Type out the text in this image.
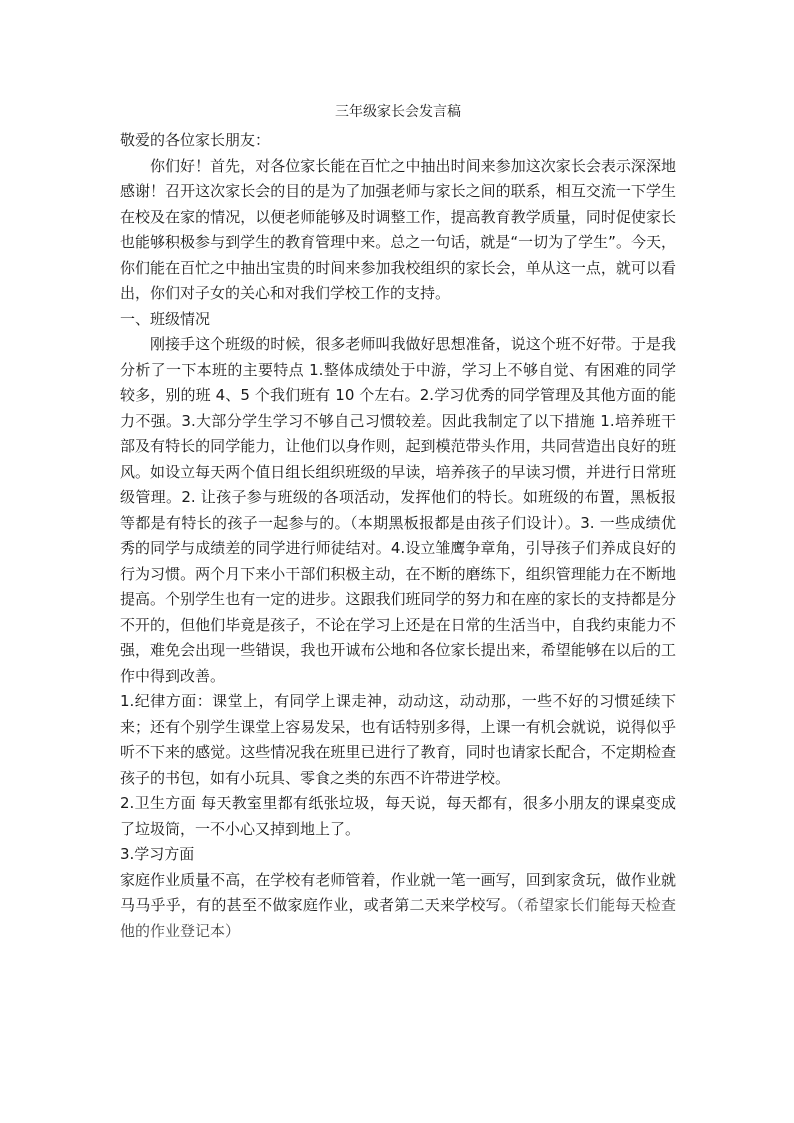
三年级家长会发言稿

敬爱的各位家长朋友：

你们好！首先，对各位家长能在百忙之中抽出时间来参加这次家长会表示深深地感谢！召开这次家长会的目的是为了加强老师与家长之间的联系，相互交流一下学生在校及在家的情况，以便老师能够及时调整工作，提高教育教学质量，同时促使家长也能够积极参与到学生的教育管理中来。总之一句话，就是“一切为了学生”。今天，你们能在百忙之中抽出宝贵的时间来参加我校组织的家长会，单从这一点，就可以看出，你们对子女的关心和对我们学校工作的支持。

一、班级情况

刚接手这个班级的时候，很多老师叫我做好思想准备，说这个班不好带。于是我分析了一下本班的主要特点 1.整体成绩处于中游，学习上不够自觉、有困难的同学较多，别的班 4、5 个我们班有 10 个左右。2.学习优秀的同学管理及其他方面的能力不强。3.大部分学生学习不够自己习惯较差。因此我制定了以下措施 1.培养班干部及有特长的同学能力，让他们以身作则，起到模范带头作用，共同营造出良好的班风。如设立每天两个值日组长组织班级的早读，培养孩子的早读习惯，并进行日常班级管理。2. 让孩子参与班级的各项活动，发挥他们的特长。如班级的布置，黑板报等都是有特长的孩子一起参与的。（本期黑板报都是由孩子们设计）。3. 一些成绩优秀的同学与成绩差的同学进行师徒结对。4.设立雏鹰争章角，引导孩子们养成良好的行为习惯。两个月下来小干部们积极主动，在不断的磨练下，组织管理能力在不断地提高。个别学生也有一定的进步。这跟我们班同学的努力和在座的家长的支持都是分不开的，但他们毕竟是孩子，不论在学习上还是在日常的生活当中，自我约束能力不强，难免会出现一些错误，我也开诚布公地和各位家长提出来，希望能够在以后的工作中得到改善。

1.纪律方面：课堂上，有同学上课走神，动动这，动动那，一些不好的习惯延续下来；还有个别学生课堂上容易发呆，也有话特别多得，上课一有机会就说，说得似乎听不下来的感觉。这些情况我在班里已进行了教育，同时也请家长配合，不定期检查孩子的书包，如有小玩具、零食之类的东西不许带进学校。

2.卫生方面 每天教室里都有纸张垃圾，每天说，每天都有，很多小朋友的课桌变成了垃圾筒，一不小心又掉到地上了。

3.学习方面

家庭作业质量不高，在学校有老师管着，作业就一笔一画写，回到家贪玩，做作业就马马乎乎，有的甚至不做家庭作业，或者第二天来学校写。（希望家长们能每天检查他的作业登记本）
